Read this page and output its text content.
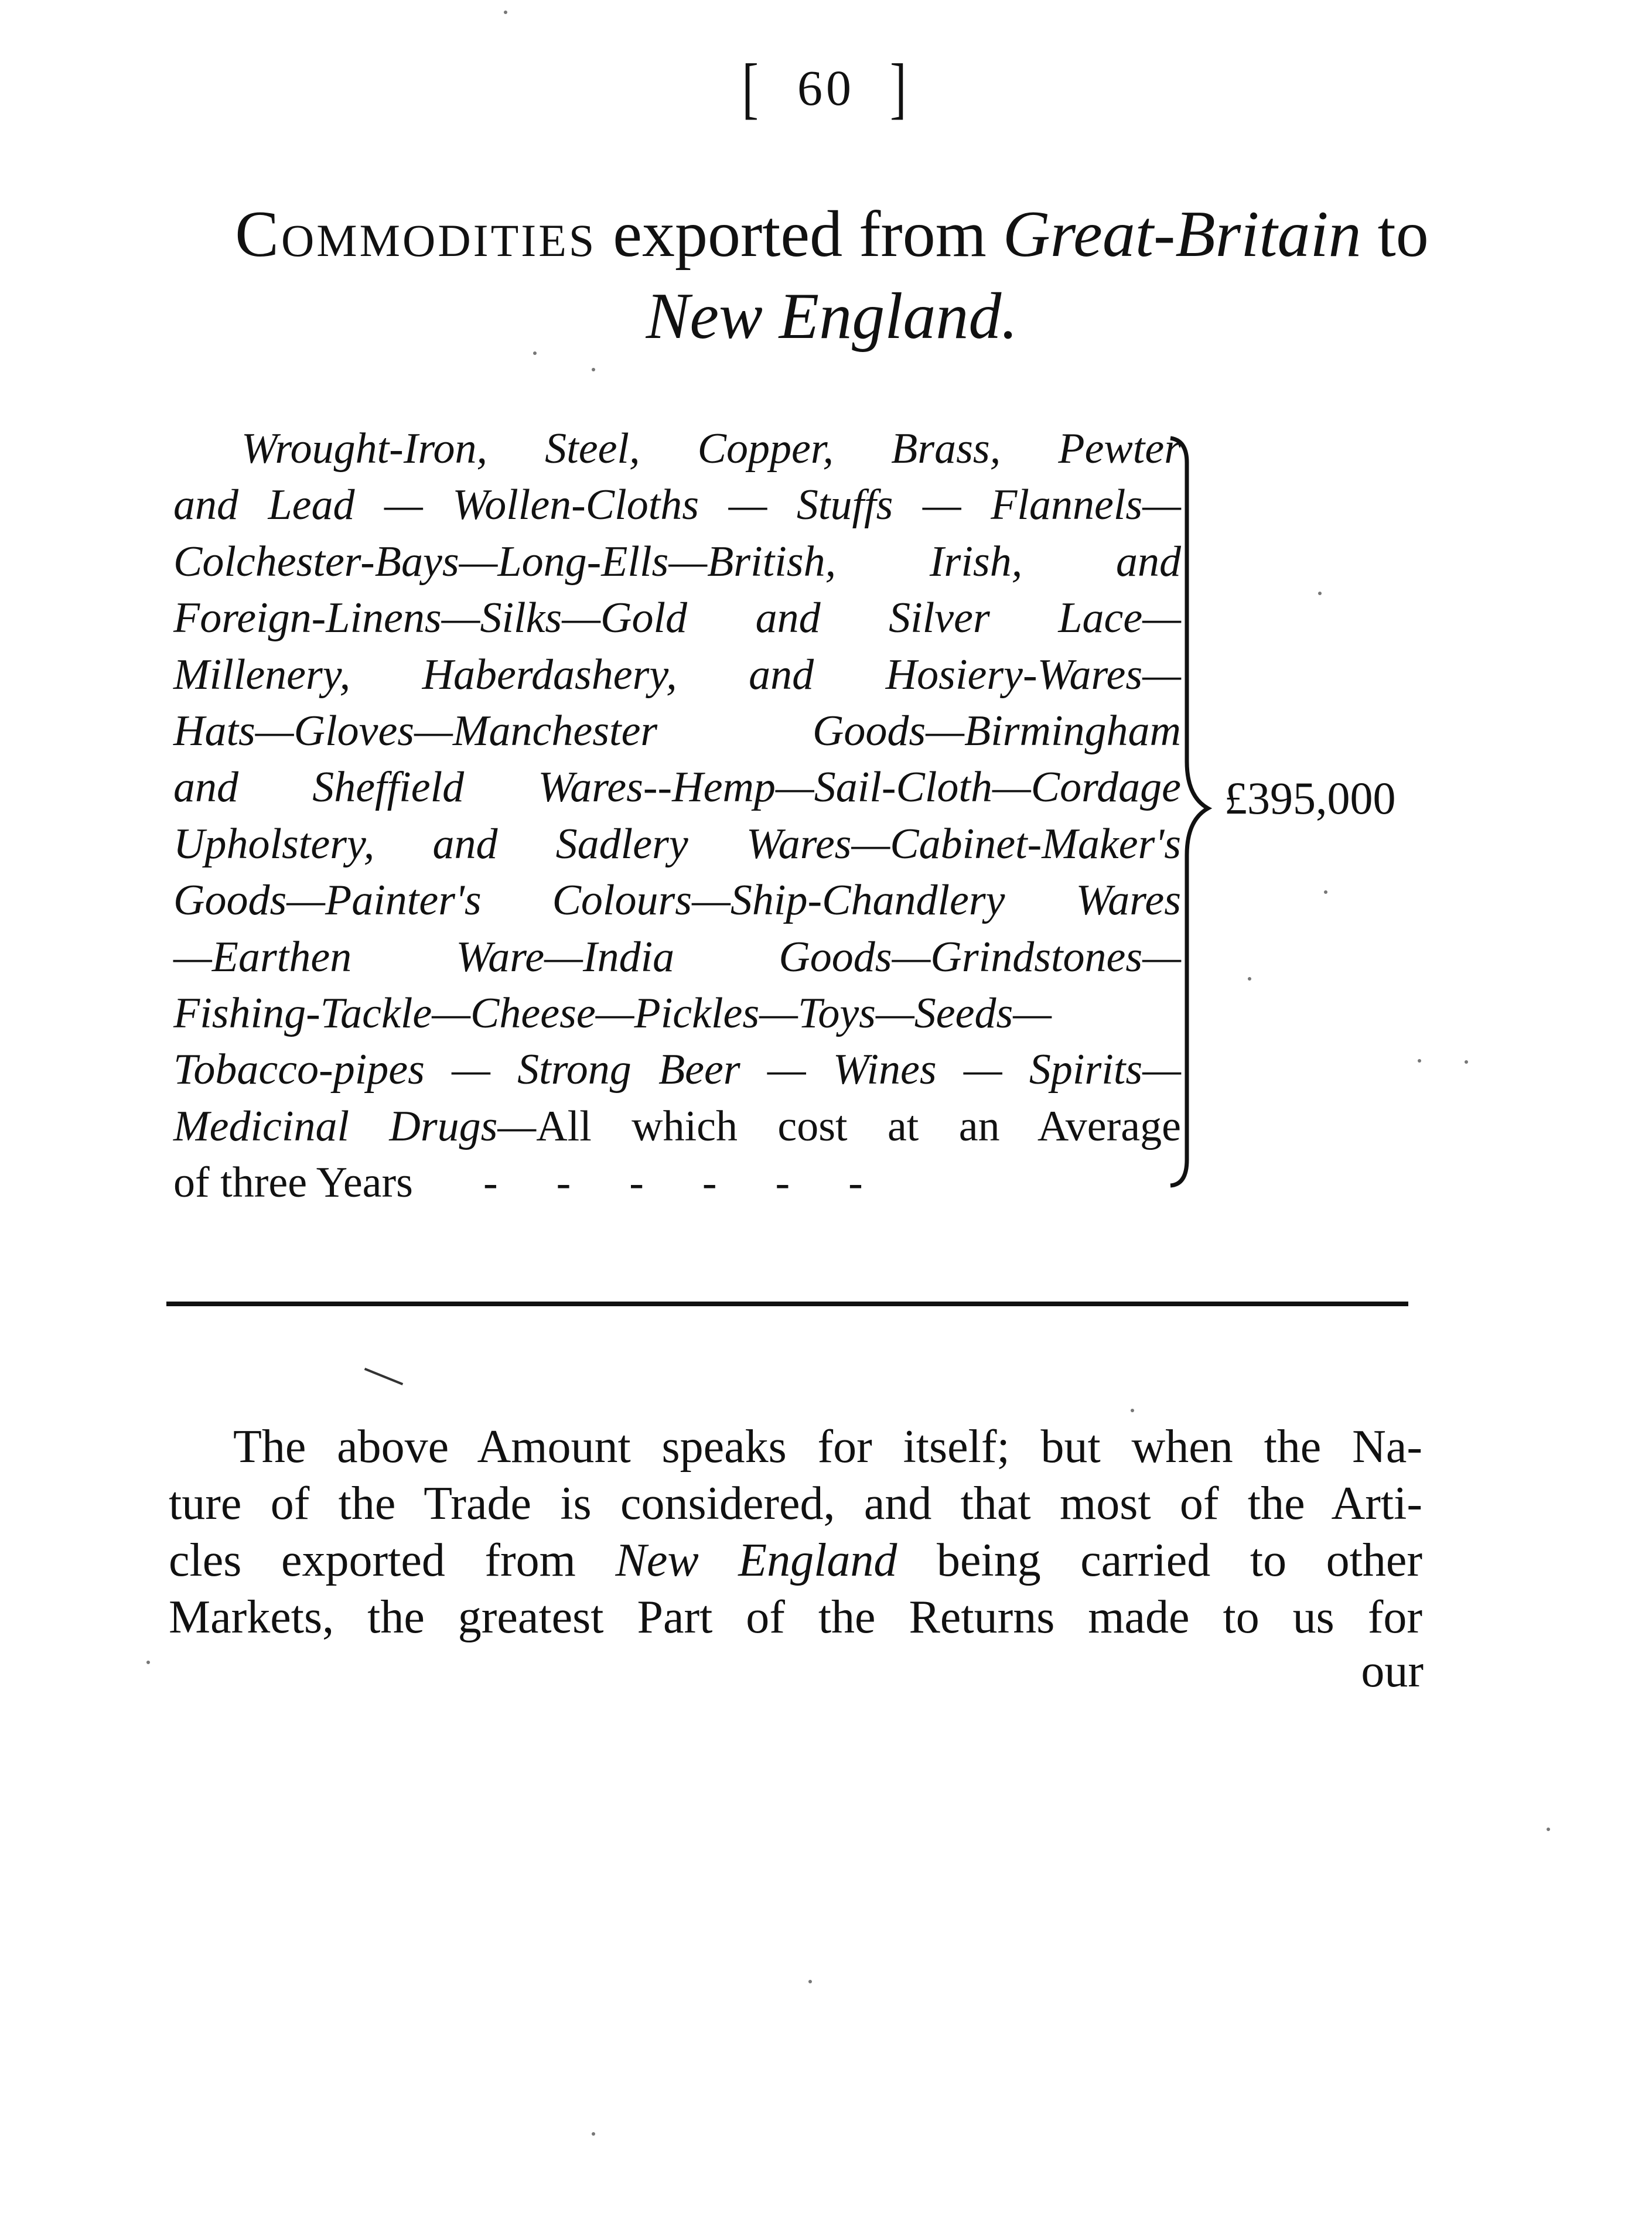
[ 60 ]
Commodities exported from Great-Britain to
New England.
Wrought-Iron, Steel, Copper, Brass, Pewter
and Lead — Wollen-Cloths — Stuffs — Flannels—
Colchester-Bays—Long-Ells—British, Irish, and
Foreign-Linens—Silks—Gold and Silver Lace—
Millenery, Haberdashery, and Hosiery-Wares—
Hats—Gloves—Manchester Goods—Birmingham
and Sheffield Wares--Hemp—Sail-Cloth—Cordage
Upholstery, and Sadlery Wares—Cabinet-Maker's
Goods—Painter's Colours—Ship-Chandlery Wares
—Earthen Ware—India Goods—Grindstones—
Fishing-Tackle—Cheese—Pickles—Toys—Seeds—
Tobacco-pipes — Strong Beer — Wines — Spirits—
Medicinal Drugs—All which cost at an Average
of three Years ------
£395,000
The above Amount speaks for itself; but when the Na-
ture of the Trade is considered, and that most of the Arti-
cles exported from New England being carried to other
Markets, the greatest Part of the Returns made to us for
our
